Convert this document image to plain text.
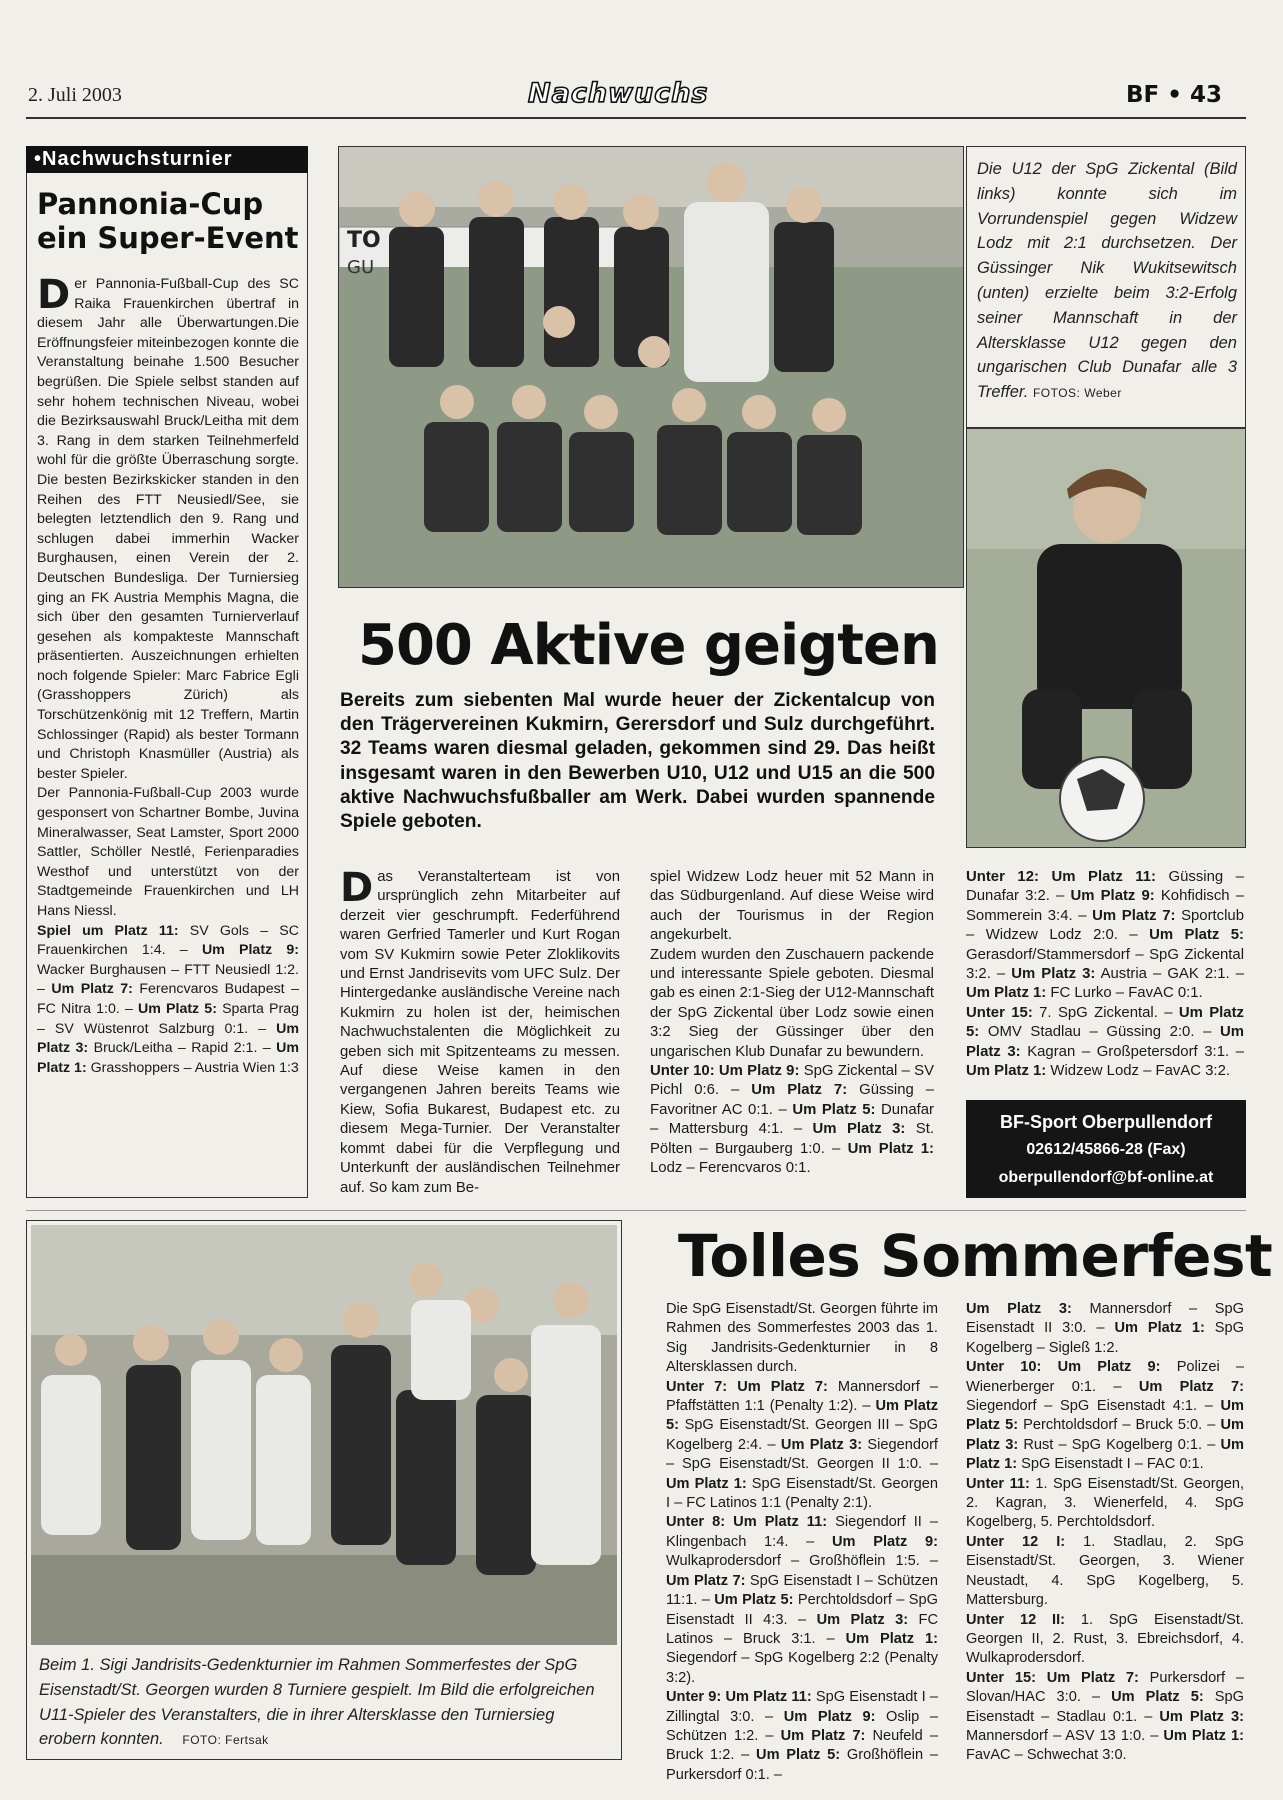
2. Juli 2003	Nachwuchs	BF • 43
•Nachwuchsturnier
Pannonia-Cup
ein Super-Event

Der Pannonia-Fußball-Cup des SC Raika Frauenkirchen übertraf in diesem Jahr alle Überwartungen.Die Eröffnungsfeier miteinbezogen konnte die Veranstaltung beinahe 1.500 Besucher begrüßen. Die Spiele selbst standen auf sehr hohem technischen Niveau, wobei die Bezirksauswahl Bruck/Leitha mit dem 3. Rang in dem starken Teilnehmerfeld wohl für die größte Überraschung sorgte. Die besten Bezirkskicker standen in den Reihen des FTT Neusiedl/See, sie belegten letztendlich den 9. Rang und schlugen dabei immerhin Wacker Burghausen, einen Verein der 2. Deutschen Bundesliga. Der Turniersieg ging an FK Austria Memphis Magna, die sich über den gesamten Turnierverlauf gesehen als kompakteste Mannschaft präsentierten. Auszeichnungen erhielten noch folgende Spieler: Marc Fabrice Egli (Grasshoppers Zürich) als Torschützenkönig mit 12 Treffern, Martin Schlossinger (Rapid) als bester Tormann und Christoph Knasmüller (Austria) als bester Spieler.

Der Pannonia-Fußball-Cup 2003 wurde gesponsert von Schartner Bombe, Juvina Mineralwasser, Seat Lamster, Sport 2000 Sattler, Schöller Nestlé, Ferienparadies Westhof und unterstützt von der Stadtgemeinde Frauenkirchen und LH Hans Niessl.

Spiel um Platz 11: SV Gols – SC Frauenkirchen 1:4. – Um Platz 9: Wacker Burghausen – FTT Neusiedl 1:2. – Um Platz 7: Ferencvaros Budapest – FC Nitra 1:0. – Um Platz 5: Sparta Prag – SV Wüstenrot Salzburg 0:1. – Um Platz 3: Bruck/Leitha – Rapid 2:1. – Um Platz 1: Grasshoppers – Austria Wien 1:3

TO
GU
Die U12 der SpG Zickental (Bild links) konnte sich im Vorrundenspiel gegen Widzew Lodz mit 2:1 durchsetzen. Der Güssinger Nik Wukitsewitsch (unten) erzielte beim 3:2-Erfolg seiner Mannschaft in der Altersklasse U12 gegen den ungarischen Club Dunafar alle 3 Treffer. FOTOS: Weber
500 Aktive geigten
Bereits zum siebenten Mal wurde heuer der Zickentalcup von den Trägervereinen Kukmirn, Gerersdorf und Sulz durchgeführt. 32 Teams waren diesmal geladen, gekommen sind 29. Das heißt insgesamt waren in den Bewerben U10, U12 und U15 an die 500 aktive Nachwuchsfußballer am Werk. Dabei wurden spannende Spiele geboten.

Das Veranstalterteam ist von ursprünglich zehn Mitarbeiter auf derzeit vier geschrumpft. Federführend waren Gerfried Tamerler und Kurt Rogan vom SV Kukmirn sowie Peter Zloklikovits und Ernst Jandrisevits vom UFC Sulz. Der Hintergedanke ausländische Vereine nach Kukmirn zu holen ist der, heimischen Nachwuchstalenten die Möglichkeit zu geben sich mit Spitzenteams zu messen. Auf diese Weise kamen in den vergangenen Jahren bereits Teams wie Kiew, Sofia Bukarest, Budapest etc. zu diesem Mega-Turnier. Der Veranstalter kommt dabei für die Verpflegung und Unterkunft der ausländischen Teilnehmer auf. So kam zum Be-

spiel Widzew Lodz heuer mit 52 Mann in das Südburgenland. Auf diese Weise wird auch der Tourismus in der Region angekurbelt.

Zudem wurden den Zuschauern packende und interessante Spiele geboten. Diesmal gab es einen 2:1-Sieg der U12-Mannschaft der SpG Zickental über Lodz sowie einen 3:2 Sieg der Güssinger über den ungarischen Klub Dunafar zu bewundern.

Unter 10: Um Platz 9: SpG Zickental – SV Pichl 0:6. – Um Platz 7: Güssing – Favoritner AC 0:1. – Um Platz 5: Dunafar – Mattersburg 4:1. – Um Platz 3: St. Pölten – Burgauberg 1:0. – Um Platz 1: Lodz – Ferencvaros 0:1.

Unter 12: Um Platz 11: Güssing – Dunafar 3:2. – Um Platz 9: Kohfidisch – Sommerein 3:4. – Um Platz 7: Sportclub – Widzew Lodz 2:0. – Um Platz 5: Gerasdorf/Stammersdorf – SpG Zickental 3:2. – Um Platz 3: Austria – GAK 2:1. – Um Platz 1: FC Lurko – FavAC 0:1.

Unter 15: 7. SpG Zickental. – Um Platz 5: OMV Stadlau – Güssing 2:0. – Um Platz 3: Kagran – Großpetersdorf 3:1. – Um Platz 1: Widzew Lodz – FavAC 3:2.

BF-Sport Oberpullendorf
02612/45866-28 (Fax)
oberpullendorf@bf-online.at
Beim 1. Sigi Jandrisits-Gedenkturnier im Rahmen Sommerfestes der SpG Eisenstadt/St. Georgen wurden 8 Turniere gespielt. Im Bild die erfolgreichen U11-Spieler des Veranstalters, die in ihrer Altersklasse den Turniersieg erobern konnten. FOTO: Fertsak
Tolles Sommerfest

Die SpG Eisenstadt/St. Georgen führte im Rahmen des Sommerfestes 2003 das 1. Sig Jandrisits-Gedenkturnier in 8 Altersklassen durch.

Unter 7: Um Platz 7: Mannersdorf – Pfaffstätten 1:1 (Penalty 1:2). – Um Platz 5: SpG Eisenstadt/St. Georgen III – SpG Kogelberg 2:4. – Um Platz 3: Siegendorf – SpG Eisenstadt/St. Georgen II 1:0. – Um Platz 1: SpG Eisenstadt/St. Georgen I – FC Latinos 1:1 (Penalty 2:1).

Unter 8: Um Platz 11: Siegendorf II – Klingenbach 1:4. – Um Platz 9: Wulkaprodersdorf – Großhöflein 1:5. – Um Platz 7: SpG Eisenstadt I – Schützen 11:1. – Um Platz 5: Perchtoldsdorf – SpG Eisenstadt II 4:3. – Um Platz 3: FC Latinos – Bruck 3:1. – Um Platz 1: Siegendorf – SpG Kogelberg 2:2 (Penalty 3:2).

Unter 9: Um Platz 11: SpG Eisenstadt I – Zillingtal 3:0. – Um Platz 9: Oslip – Schützen 1:2. – Um Platz 7: Neufeld – Bruck 1:2. – Um Platz 5: Großhöflein – Purkersdorf 0:1. –

Um Platz 3: Mannersdorf – SpG Eisenstadt II 3:0. – Um Platz 1: SpG Kogelberg – Sigleß 1:2.

Unter 10: Um Platz 9: Polizei – Wienerberger 0:1. – Um Platz 7: Siegendorf – SpG Eisenstadt 4:1. – Um Platz 5: Perchtoldsdorf – Bruck 5:0. – Um Platz 3: Rust – SpG Kogelberg 0:1. – Um Platz 1: SpG Eisenstadt I – FAC 0:1.

Unter 11: 1. SpG Eisenstadt/St. Georgen, 2. Kagran, 3. Wienerfeld, 4. SpG Kogelberg, 5. Perchtoldsdorf.

Unter 12 I: 1. Stadlau, 2. SpG Eisenstadt/St. Georgen, 3. Wiener Neustadt, 4. SpG Kogelberg, 5. Mattersburg.

Unter 12 II: 1. SpG Eisenstadt/St. Georgen II, 2. Rust, 3. Ebreichsdorf, 4. Wulkaprodersdorf.

Unter 15: Um Platz 7: Purkersdorf – Slovan/HAC 3:0. – Um Platz 5: SpG Eisenstadt – Stadlau 0:1. – Um Platz 3: Mannersdorf – ASV 13 1:0. – Um Platz 1: FavAC – Schwechat 3:0.
